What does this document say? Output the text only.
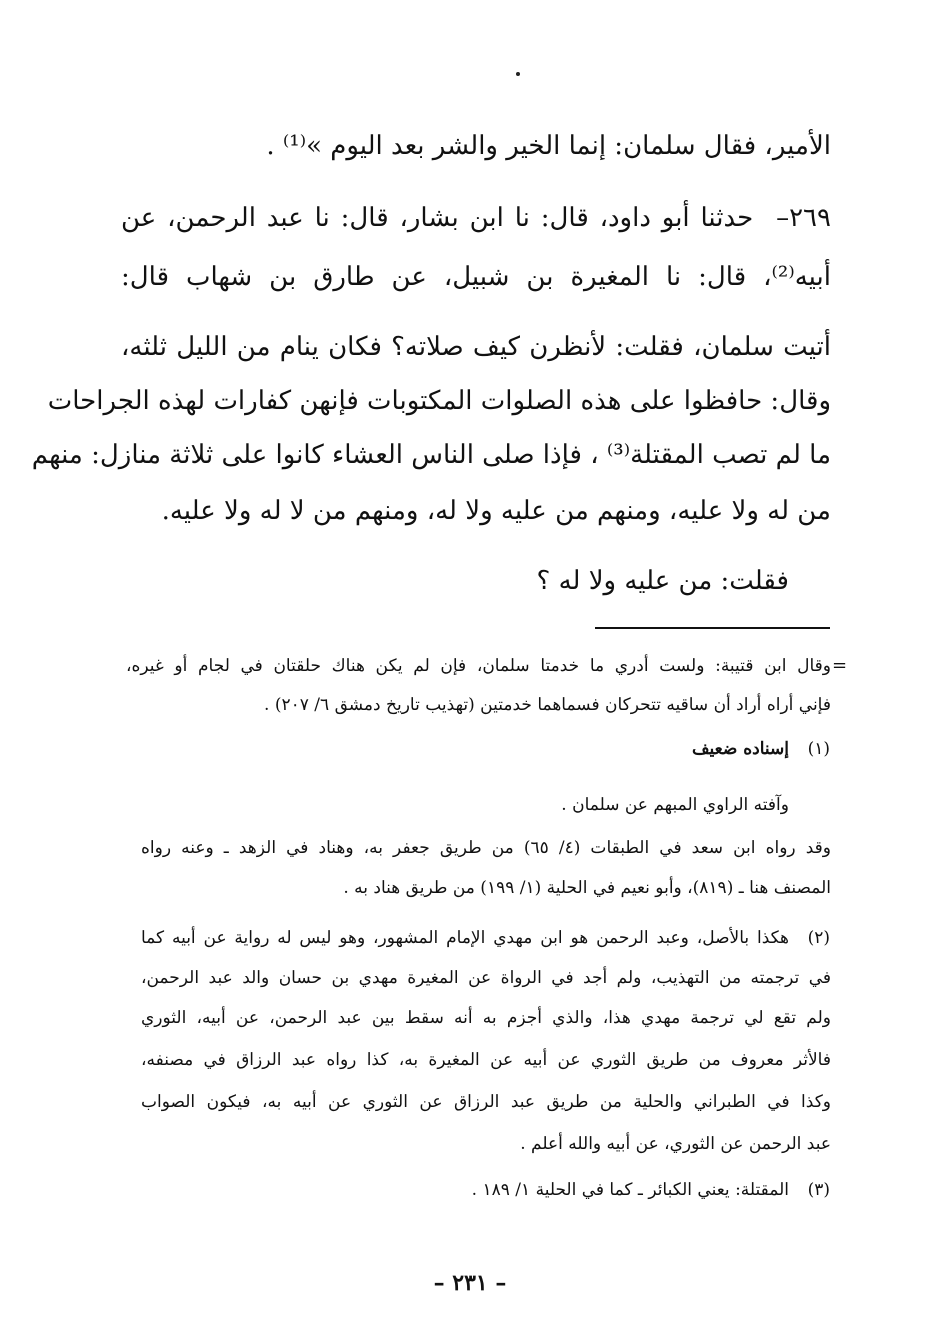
الأمير، فقال سلمان: إنما الخير والشر بعد اليوم »⁽¹⁾ .
٢٦٩– حدثنا أبو داود، قال: نا ابن بشار، قال: نا عبد الرحمن، عن
أبيه⁽²⁾، قال: نا المغيرة بن شبيل، عن طارق بن شهاب قال:
أتيت سلمان، فقلت: لأنظرن كيف صلاته؟ فكان ينام من الليل ثلثه،
وقال: حافظوا على هذه الصلوات المكتوبات فإنهن كفارات لهذه الجراحات
ما لم تصب المقتلة⁽³⁾ ، فإذا صلى الناس العشاء كانوا على ثلاثة منازل: منهم
من له ولا عليه، ومنهم من عليه ولا له، ومنهم من لا له ولا عليه.
فقلت: من عليه ولا له ؟
=
وقال ابن قتيبة: ولست أدري ما خدمتا سلمان، فإن لم يكن هناك حلقتان في لجام أو غيره،
فإني أراه أراد أن ساقيه تتحركان فسماهما خدمتين (تهذيب تاريخ دمشق ٦/ ٢٠٧) .
(١)
إسناده ضعيف
وآفته الراوي المبهم عن سلمان .
وقد رواه ابن سعد في الطبقات (٤/ ٦٥) من طريق جعفر به، وهناد في الزهد ـ وعنه رواه
المصنف هنا ـ (٨١٩)، وأبو نعيم في الحلية (١/ ١٩٩) من طريق هناد به .
(٢)
هكذا بالأصل، وعبد الرحمن هو ابن مهدي الإمام المشهور، وهو ليس له رواية عن أبيه كما
في ترجمته من التهذيب، ولم أجد في الرواة عن المغيرة مهدي بن حسان والد عبد الرحمن،
ولم تقع لي ترجمة مهدي هذا، والذي أجزم به أنه سقط بين عبد الرحمن، عن أبيه، الثوري
فالأثر معروف من طريق الثوري عن أبيه عن المغيرة به، كذا رواه عبد الرزاق في مصنفه،
وكذا في الطبراني والحلية من طريق عبد الرزاق عن الثوري عن أبيه به، فيكون الصواب
عبد الرحمن عن الثوري، عن أبيه والله أعلم .
(٣)
المقتلة: يعني الكبائر ـ كما في الحلية ١/ ١٨٩ .
– ٢٣١ –
